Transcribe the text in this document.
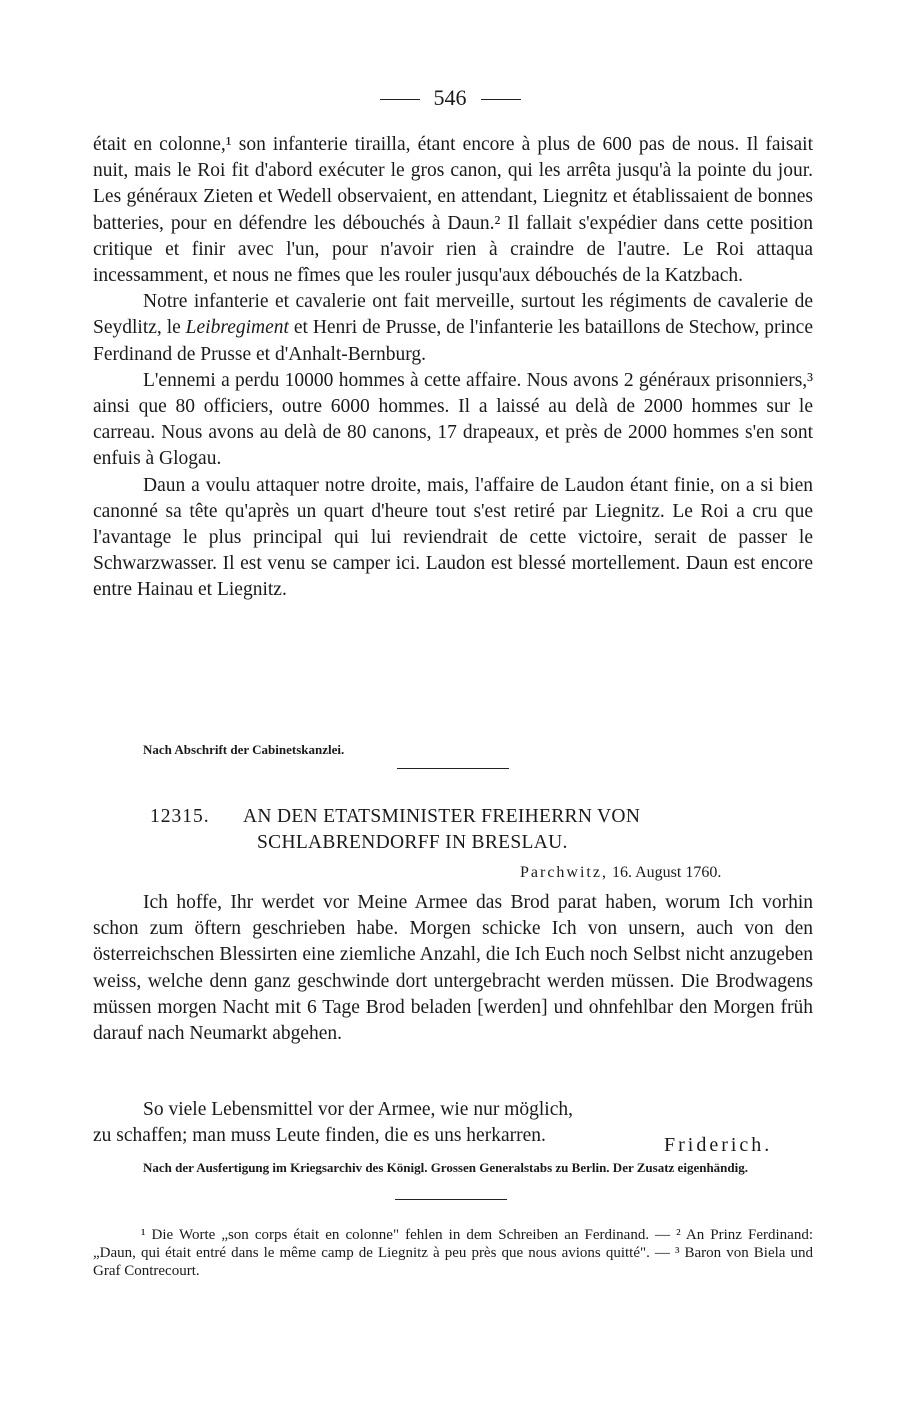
546

était en colonne,¹ son infanterie tirailla, étant encore à plus de 600 pas de nous. Il faisait nuit, mais le Roi fit d'abord exécuter le gros canon, qui les arrêta jusqu'à la pointe du jour. Les généraux Zieten et Wedell observaient, en attendant, Liegnitz et établissaient de bonnes batteries, pour en défendre les débouchés à Daun.² Il fallait s'expédier dans cette position critique et finir avec l'un, pour n'avoir rien à craindre de l'autre. Le Roi attaqua incessamment, et nous ne fîmes que les rouler jusqu'aux débouchés de la Katzbach.

Notre infanterie et cavalerie ont fait merveille, surtout les régiments de cavalerie de Seydlitz, le Leibregiment et Henri de Prusse, de l'infanterie les bataillons de Stechow, prince Ferdinand de Prusse et d'Anhalt-Bernburg.

L'ennemi a perdu 10000 hommes à cette affaire. Nous avons 2 généraux prisonniers,³ ainsi que 80 officiers, outre 6000 hommes. Il a laissé au delà de 2000 hommes sur le carreau. Nous avons au delà de 80 canons, 17 drapeaux, et près de 2000 hommes s'en sont enfuis à Glogau.

Daun a voulu attaquer notre droite, mais, l'affaire de Laudon étant finie, on a si bien canonné sa tête qu'après un quart d'heure tout s'est retiré par Liegnitz. Le Roi a cru que l'avantage le plus principal qui lui reviendrait de cette victoire, serait de passer le Schwarzwasser. Il est venu se camper ici. Laudon est blessé mortellement. Daun est encore entre Hainau et Liegnitz.

Nach Abschrift der Cabinetskanzlei.

12315. AN DEN ETATSMINISTER FREIHERRN VON
SCHLABRENDORFF IN BRESLAU.
Parchwitz, 16. August 1760.

Ich hoffe, Ihr werdet vor Meine Armee das Brod parat haben, worum Ich vorhin schon zum öftern geschrieben habe. Morgen schicke Ich von unsern, auch von den österreichschen Blessirten eine ziemliche Anzahl, die Ich Euch noch Selbst nicht anzugeben weiss, welche denn ganz geschwinde dort untergebracht werden müssen. Die Brodwagens müssen morgen Nacht mit 6 Tage Brod beladen [werden] und ohnfehlbar den Morgen früh darauf nach Neumarkt abgehen.

So viele Lebensmittel vor der Armee, wie nur möglich, zu schaffen; man muss Leute finden, die es uns herkarren.	Friderich.

Nach der Ausfertigung im Kriegsarchiv des Königl. Grossen Generalstabs zu Berlin. Der Zusatz eigenhändig.

¹ Die Worte „son corps était en colonne" fehlen in dem Schreiben an Ferdinand. — ² An Prinz Ferdinand: „Daun, qui était entré dans le même camp de Liegnitz à peu près que nous avions quitté". — ³ Baron von Biela und Graf Contrecourt.
